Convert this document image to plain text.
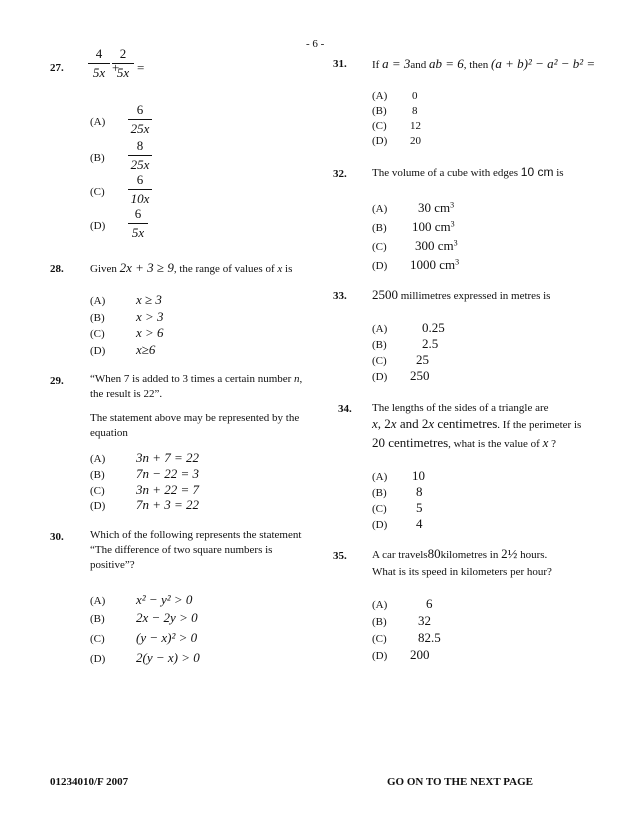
- 6 -
27.
4
5x +
2
5x =
(A)
6
25x
(B)
8
25x
(C)
6
10x
(D)
6
5x
28. Given 2x + 3 ≥ 9, the range of values of x is
(A) x ≥ 3
(B) x > 3
(C) x > 6
(D) x≥6
29. “When 7 is added to 3 times a certain number n,
the result is 22”.
The statement above may be represented by the
equation
(A) 3n + 7 = 22
(B) 7n − 22 = 3
(C) 3n + 22 = 7
(D) 7n + 3 = 22
30. Which of the following represents the statement
“The difference of two square numbers is
positive”?
(A) x² − y² > 0
(B) 2x − 2y > 0
(C) (y − x)² > 0
(D) 2(y − x) > 0
31. If a = 3and ab = 6, then (a + b)² − a² − b² =
(A) 0
(B) 8
(C) 12
(D) 20
32. The volume of a cube with edges 10 cm is
(A) 30 $cm^3$
(B) 100 $cm^3$
(C) 300 $cm^3$
(D) 1000 $cm^3$
33. 2500 millimetres expressed in metres is
(A)	0.25
(B)	2.5
(C) 25
(D) 250
34. The lengths of the sides of a triangle are
x, 2x and 2x centimetres. If the perimeter is
20 centimetres, what is the value of x ?
(A) 10
(B) 8
(C) 5
(D) 4
35. A car travels80kilometres in 2½ hours.
What is its speed in kilometers per hour?
(A)	6
(B) 32
(C) 82.5
(D) 200
01234010/F 2007	GO ON TO THE NEXT PAGE
